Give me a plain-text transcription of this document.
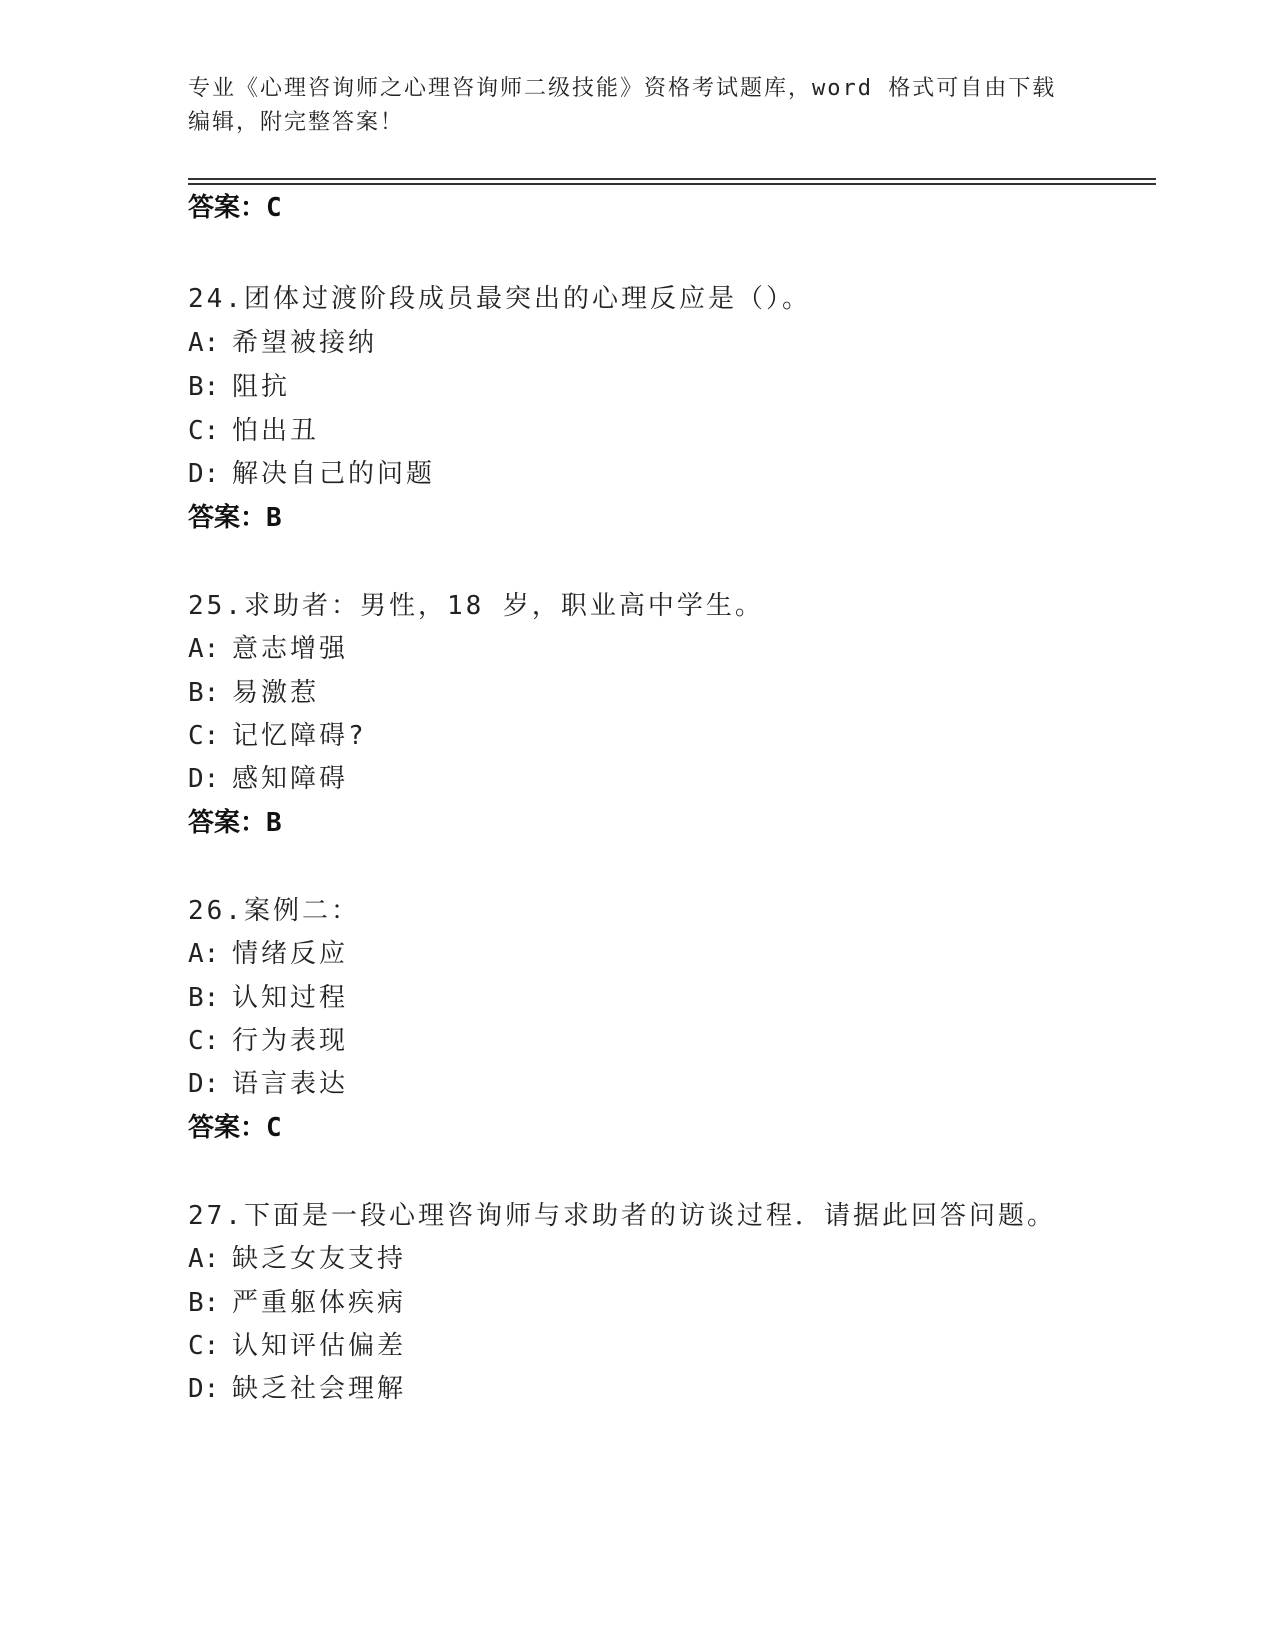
专业《心理咨询师之心理咨询师二级技能》资格考试题库，word 格式可自由下载
编辑，附完整答案！
答案：C
24.团体过渡阶段成员最突出的心理反应是（）。
A: 希望被接纳
B: 阻抗
C: 怕出丑
D: 解决自己的问题
答案：B
25.求助者：男性，18 岁，职业高中学生。
A: 意志增强
B: 易激惹
C: 记忆障碍?
D: 感知障碍
答案：B
26.案例二：
A: 情绪反应
B: 认知过程
C: 行为表现
D: 语言表达
答案：C
27.下面是一段心理咨询师与求助者的访谈过程．请据此回答问题。
A: 缺乏女友支持
B: 严重躯体疾病
C: 认知评估偏差
D: 缺乏社会理解
